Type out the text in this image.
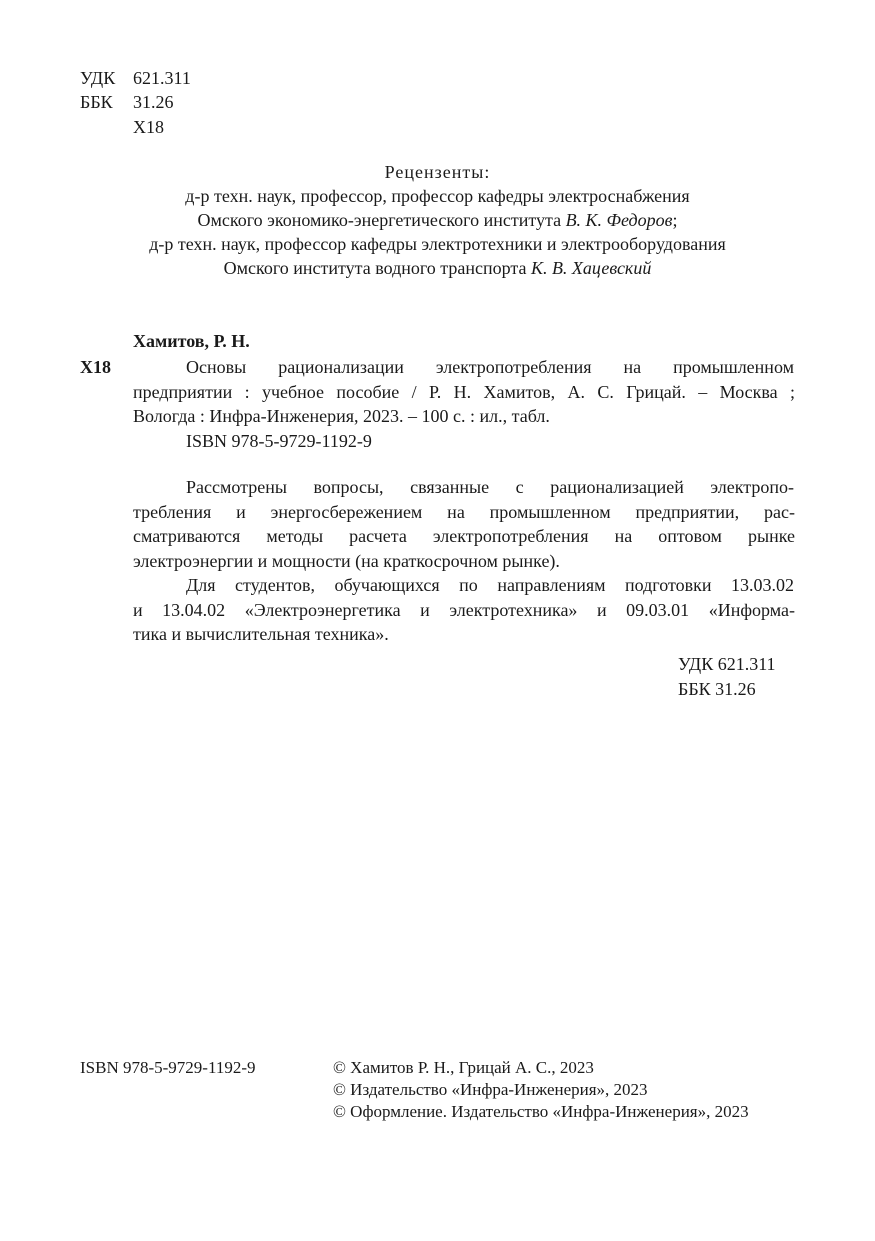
УДК 621.311
ББК	31.26
Х18
Рецензенты:
д-р техн. наук, профессор, профессор кафедры электроснабжения
Омского экономико-энергетического института В. К. Федоров;
д-р техн. наук, профессор кафедры электротехники и электрооборудования
Омского института водного транспорта К. В. Хацевский
Хамитов, Р. Н.
Х18	Основы рационализации электропотребления на промышленном
предприятии : учебное пособие / Р. Н. Хамитов, А. С. Грицай. – Москва ;
Вологда : Инфра-Инженерия, 2023. – 100 с. : ил., табл.
ISBN 978-5-9729-1192-9
Рассмотрены вопросы, связанные с рационализацией электропо-
требления и энергосбережением на промышленном предприятии, рас-
сматриваются методы расчета электропотребления на оптовом рынке
электроэнергии и мощности (на краткосрочном рынке).
Для студентов, обучающихся по направлениям подготовки 13.03.02
и 13.04.02 «Электроэнергетика и электротехника» и 09.03.01 «Информа-
тика и вычислительная техника».
УДК 621.311
ББК 31.26
ISBN 978-5-9729-1192-9	© Хамитов Р. Н., Грицай А. С., 2023
© Издательство «Инфра-Инженерия», 2023
© Оформление. Издательство «Инфра-Инженерия», 2023
